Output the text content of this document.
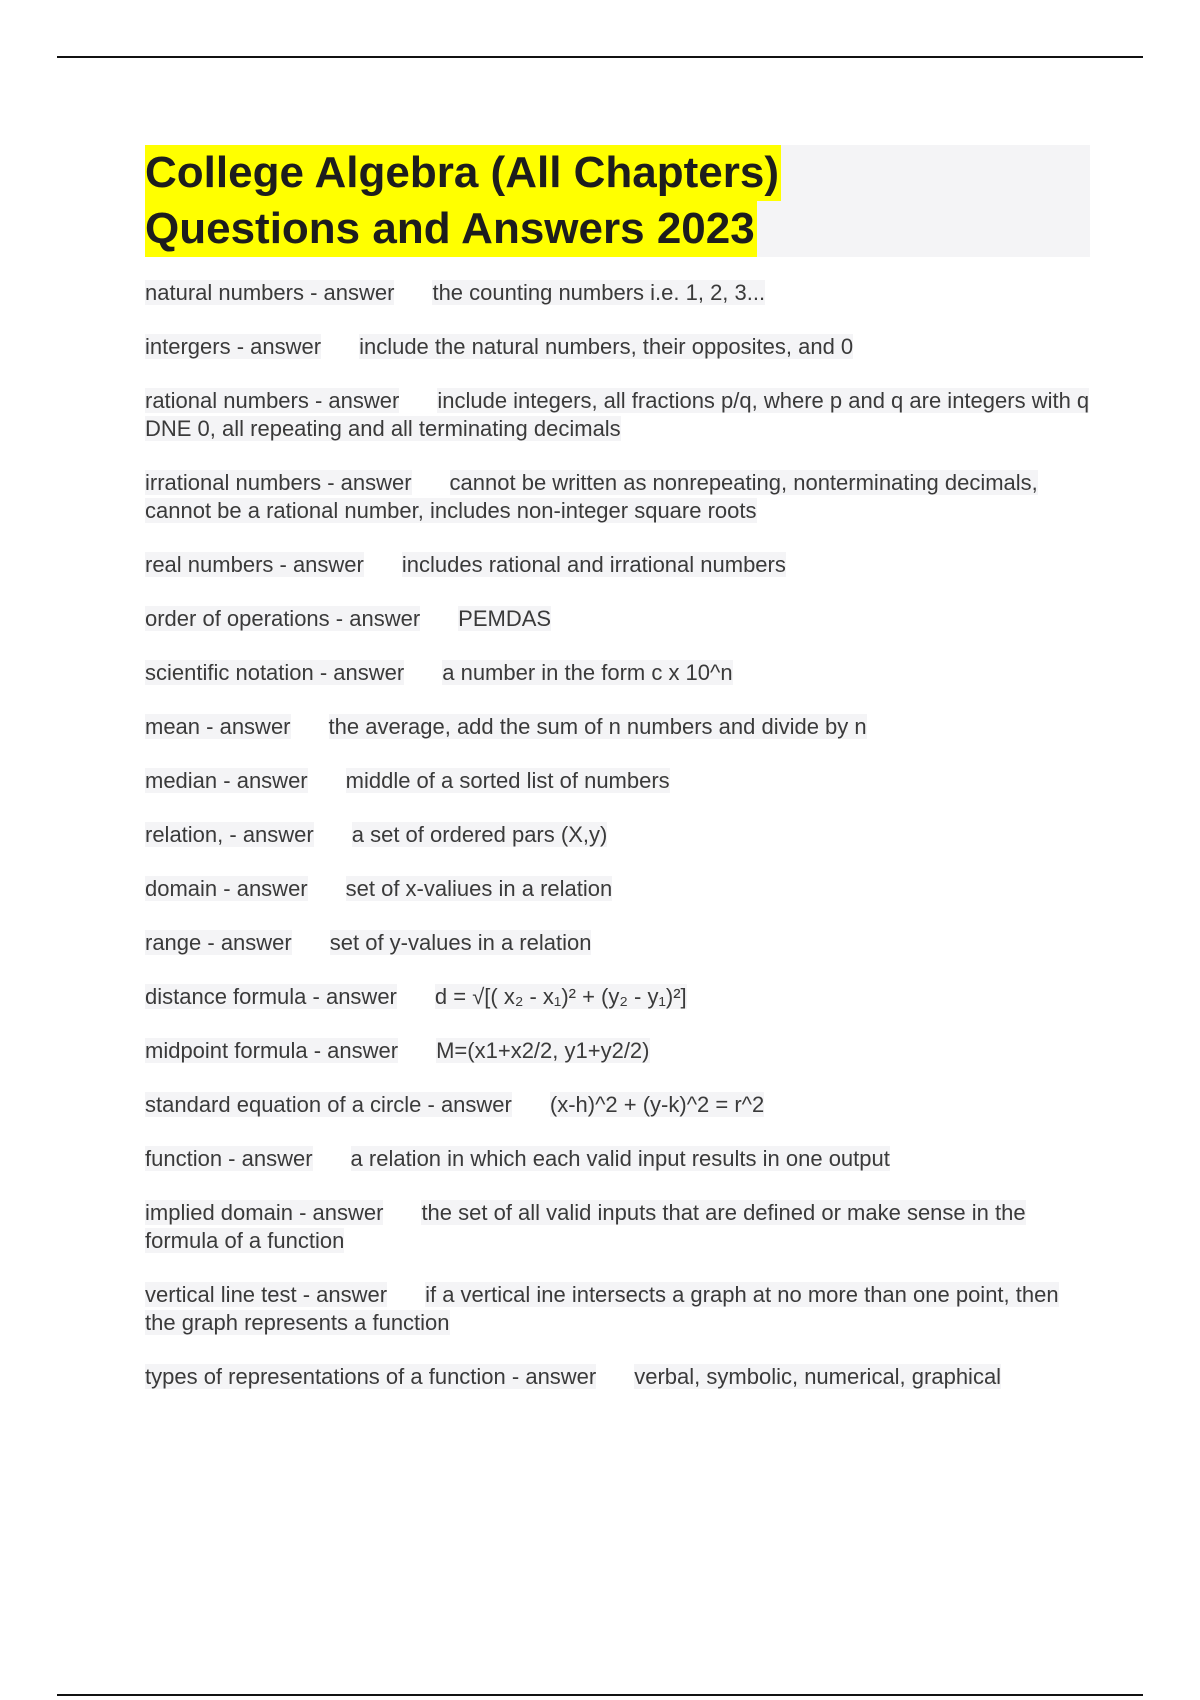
College Algebra (All Chapters)
Questions and Answers 2023
natural numbers - answer the counting numbers i.e. 1, 2, 3...
intergers - answer include the natural numbers, their opposites, and 0
rational numbers - answer include integers, all fractions p/q, where p and q are integers with q DNE 0, all repeating and all terminating decimals
irrational numbers - answer cannot be written as nonrepeating, nonterminating decimals, cannot be a rational number, includes non-integer square roots
real numbers - answer includes rational and irrational numbers
order of operations - answer PEMDAS
scientific notation - answer a number in the form c x 10^n
mean - answer the average, add the sum of n numbers and divide by n
median - answer middle of a sorted list of numbers
relation, - answer a set of ordered pars (X,y)
domain - answer set of x-valiues in a relation
range - answer set of y-values in a relation
distance formula - answer d = √[( x₂ - x₁)² + (y₂ - y₁)²]
midpoint formula - answer M=(x1+x2/2, y1+y2/2)
standard equation of a circle - answer (x-h)^2 + (y-k)^2 = r^2
function - answer a relation in which each valid input results in one output
implied domain - answer the set of all valid inputs that are defined or make sense in the formula of a function
vertical line test - answer if a vertical ine intersects a graph at no more than one point, then the graph represents a function
types of representations of a function - answer verbal, symbolic, numerical, graphical
